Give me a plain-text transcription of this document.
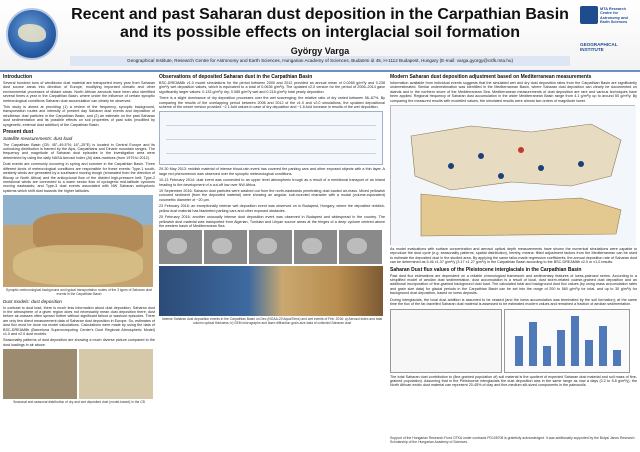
Recent and past Saharan dust deposition in the Carpathian Basin
and its possible effects on interglacial soil formation
György Varga
Geographical Institute, Research Centre for Astronomy and Earth Sciences, Hungarian Academy of Sciences, Budaörsi út 45, H-1112 Budapest, Hungary (E-mail: varga.gyorgy@csfk.mta.hu)
MTA Research Centre for Astronomy and Earth Sciences
GEOGRAPHICAL INSTITUTE
Introduction
Several hundred tons of windblown dust material are transported every year from Saharan dust source areas into direction of Europe, modifying important climatic and other environmental processes of distant areas. North African aerosols have been also identified several times a year in the Carpathian Basin, where under the influence of certain synoptic meteorological conditions Saharan dust accumulation can clearly be observed.
This study is aimed at providing (1) a review of the frequency, synoptic background, transportation routes and intensity of present day Saharan dust events and deposition of windblown dust particles in the Carpathian Basin; and (2) an estimate on the past Saharan dust sedimentation and its possible effects on soil properties of past soils (modified by syngenetic, external dust addition) of the Carpathian Basin.
Present dust
Satellite measurements: dust load
The Carpathian Basin (CB: 45°–49.5°N; 16°–25°E) is located in Central Europe and its outlooking distribution is framed by the Alps, Carpathians and Dinaric mountain ranges. The frequency and magnitude of Saharan dust episodes in the investigation area were determined by using the daily NASA Aerosol Index (AI) data-matrices (from 1979 to 2012).
Dust events are commonly occurring in spring and summer in the Carpathian Basin. Three different kinds of meteorological conditions are responsible for these events: Type-1 south-westerly winds are generated by a southward moving trough (emanated from the direction of Biscay or North Africa) and the anticyclonal flow of the divided high-pressure belt; Type-2 meridional winds are connected to a warm sector flow of cyclogenic mid-latitude cyclones moving eastwards; and Type-3 dust events associated with NW Saharan anticyclonic systems which shift dust towards the higher latitudes.
Synoptic meteorological background and typical transportation routes of the 3 types of Saharan dust events in the Carpathian Basin
Dust models: dust deposition
In contrast to dust load, there is much less information about dust deposition. Saharan dust in the atmosphere of a given region does not necessarily mean dust deposition there; dust before air-masses often spread further without significant fallout or washout episodes. There are only few direct measurement data of Saharan dust deposition in Europe. So, estimates of dust flux must be done via model calculations. Calculations were made by using the data of BSC-DREAM8b (Barcelona Supercomputing Center's Dust Regional Atmospheric Model) v1.0 and v2.0 dust models.
Seasonality patterns of dust deposition are showing a much diverse picture compared to the dust loadings in air above.
Seasonal and seasonal distribution of dry and wet deposited dust (model-based) in the CB
Observations of deposited Saharan dust in the Carpathian Basin
BSC-DREAM8b v1.0 model simulations for the period between 2000 and 2012 provided an annual mean of 0.0265 g/m²/y and 0.238 g/m²/y wet deposition values, which is equivalent to a total of 0.0636 g/m²/y. The updated v2.0 version for the period of 2006–2014 gave significantly larger values: 0.133 g/m²/y dry; 0.085 g/m²/y wet and 0.218 g/m²/y total yearly deposition.
There is a slight dominance of dry deposition processes over the wet scavenging; the relative ratio of dry varied between 56–67%. By comparing the results of the overlapping period between 2006 and 2012 of the v1.0 and v2.0 simulations, the updated depositional scheme of the newer version provided ~2.1-fold values in case of dry deposition and ~1.6-fold increase in results of the wet deposition.
29-30 May 2013: reddish material of intense blood-rain event has covered the parking cars and other exposed objects with a thin layer. A large red phenomenon was observed over the synoptic meteorological conditions.
10-13 February 2014: dust event was connected to an upper level atmospheric trough as a result of a meridional transport of an inland heading to the development of a cut-off low over NW Africa.
19 September 2016: Saharan dust particles were washed out from the north-eastwards penetrating dust loaded air-mass. Mixed yellowish coloured sediment (from the deposited material) were showing an angular, sub-rounded character with a modal (volume-equivalent) volumetric diameter of ~20 µm.
23 February 2016: an exceptionally intense wet deposition event was observed on in Budapest, Hungary, where the deposited reddish-yellow dust material has blanketed parking cars and other exposed obstacles.
25 February 2016: another unusually intense dust deposition event was observed in Budapest and widespread in the country. The yellowish dust material was transported from Algerian, Tunisian and Libyan source areas at the fringes of a deep cyclone centred above the western basin of Mediterranean Sea.
Intense Saharan dust deposition events in the Carpathian Basin on Dec (NOAA-20 Aqua/Terra) and wet events of Feb. 2016: a) Aerosol index and total column optical thickness; b) SEM micrographs and laser-diffraction grain-size data of collected Saharan dust
Modern Saharan dust deposition adjustment based on Mediterranean measurements
Information available from individual events suggests that the simulated wet and dry dust deposition rates from the Carpathian Basin are significantly underestimated. Similar underestimation was identified in the Mediterranean Basin, where Saharan dust deposition can clearly be documented on islands and in the northern shore of the Mediterranean Sea. Mediterranean measurements of dust deposition are rare and various techniques have been applied. Regional frequency of Saharan dust accumulation in the wider Mediterranean Basin range from 4.1 g/m²/y up to around 50 g/m²/y. By comparing the measured results with modelled values, the simulated results were almost two orders of magnitude lower.
As model evaluations with surface concentration and aerosol optical depth measurements have shown the numerical simulations were capable to reproduce the dust cycle (e.g. seasonality patterns, spatial distribution), hereby, means: fitted adjustment factors from the Mediterranean can be used to estimate the deposited dust in the studied area. By applying the same tailor-made regression coefficients, the annual deposition rate of Saharan dust can be determined as 5.46 ±1.37 g/m²/y (3.17 ±1.27 g/m²/y in the Carpathian Basin according to the BSC-DREAM8b v2.0 or v1.0 results.
Saharan Dust flux values of the Pleistocene interglacials in the Carpathian Basin
Past dust flux estimations are dependent on a reliable chronological framework and sedimentary features of loess-paleosol series. According to a simplified model of aeolian dust sedimentation, dust accumulation is a result of local, dust storm-related coarse-grained dust deposition and an additional incorporation of fine-grained background dust load. The calculated total and background dust flux values (by using mass accumulation rates and grain size data) for glacial periods in the Carpathian Basin can be set into the range of 200 to 560 g/m²/y for total, and up to 30 g/m²/y for background dust deposition, based on loess deposits.
During interglacials, the local dust addition is assumed to be ceased (and the loess accumulation was terminated by the soil formation); at the same time the flux of the far-travelled Saharan dust material is assessed to be estimated modern values and remained a fraction of aeolian sedimentation.
The total Saharan dust contribution to (fine-grained population of) soil material is the quotient of expected Saharan dust material and soil mass of fine-grained population). Assuming that in the Pleistocene interglacials the dust deposition was in the same range as now a days (3.2 to 5.8 g/m²/y), the North African exotic dust material can represent 20-45% of clay and fine-medium silt-sized components in the paleosoils.
Support of the Hungarian Research Fund OTKA under contracts PD108708 is gratefully acknowledged. It was additionally supported by the Bolyai Janos Research Scholarship of the Hungarian Academy of Sciences.
